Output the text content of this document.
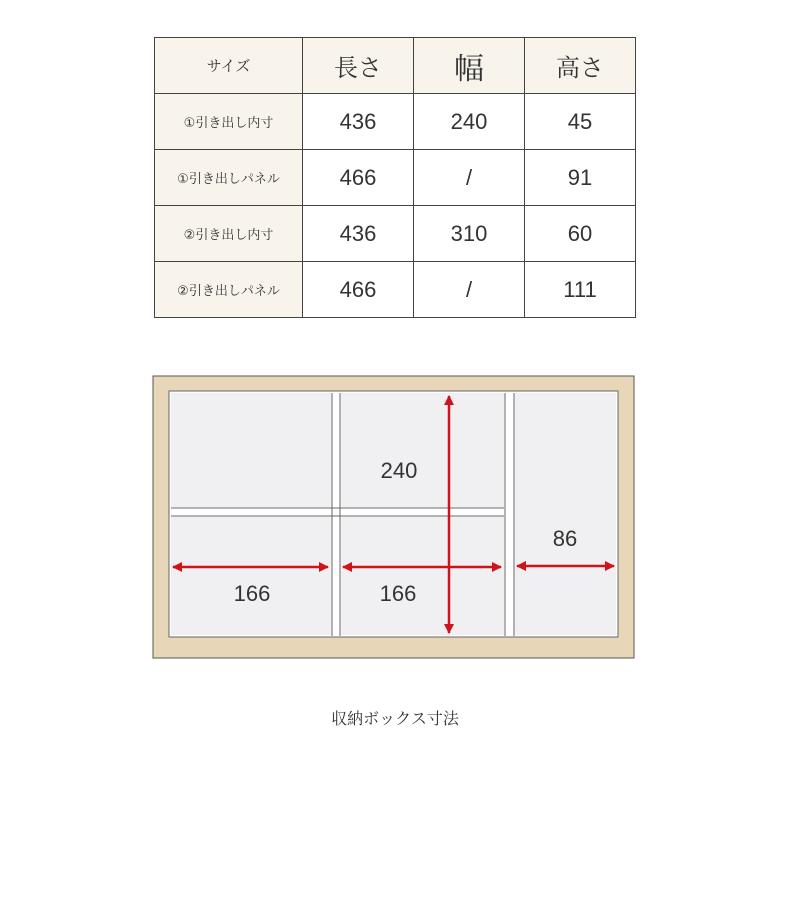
サイズ	長さ	幅	高さ
①引き出し内寸	436	240	45
①引き出しパネル	466	/	91
②引き出し内寸	436	310	60
②引き出しパネル	466	/	111
240
166	166
86
収納ボックス寸法
